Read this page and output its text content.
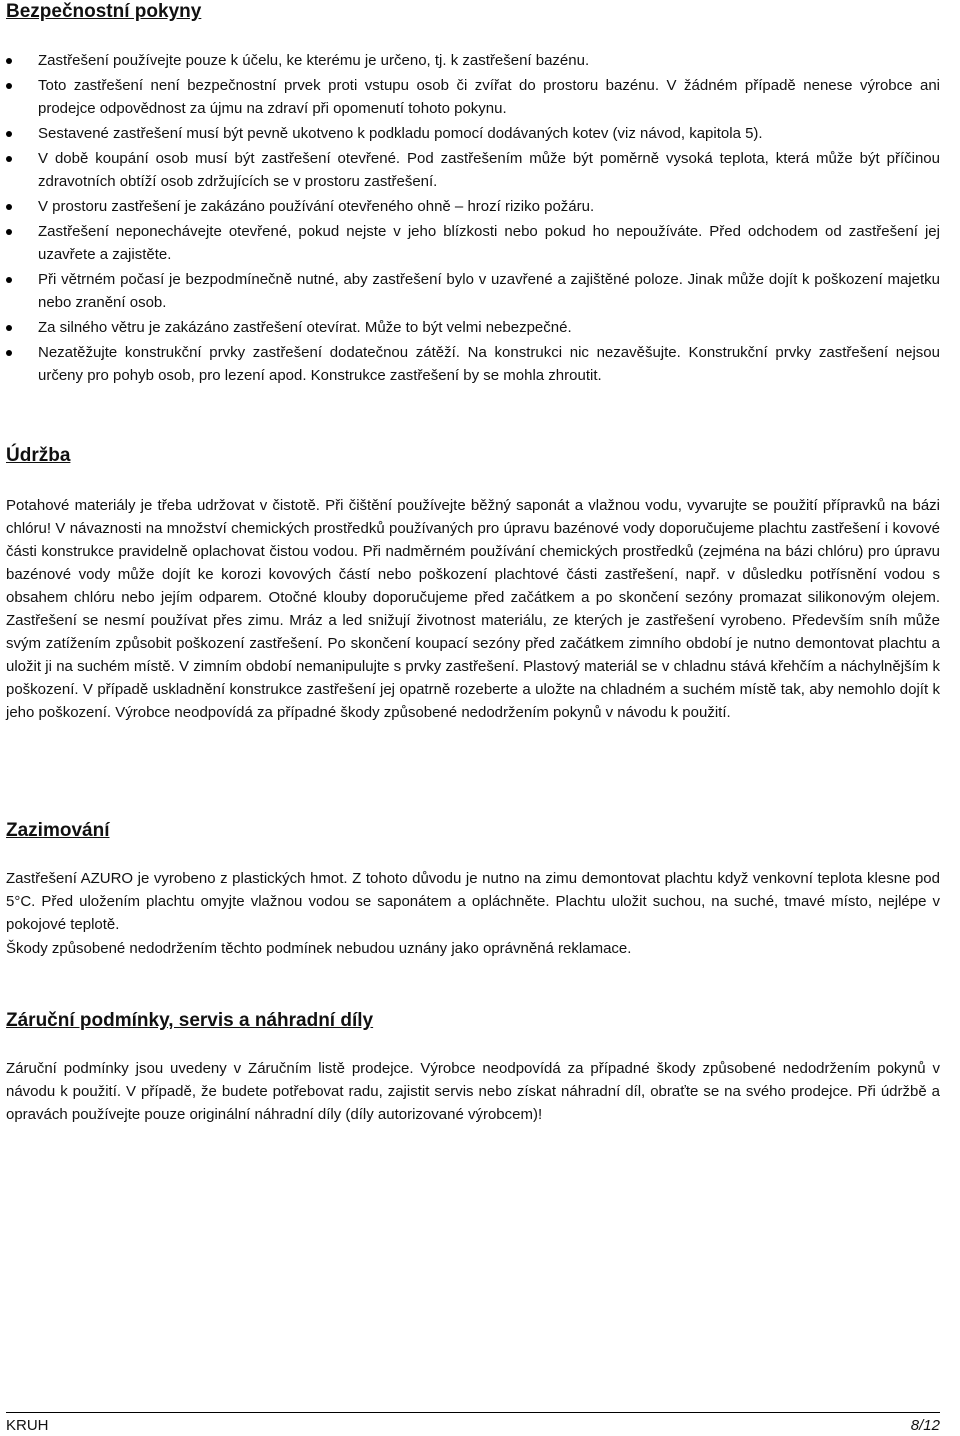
Bezpečnostní pokyny
Zastřešení používejte pouze k účelu, ke kterému je určeno, tj. k zastřešení bazénu.
Toto zastřešení není bezpečnostní prvek proti vstupu osob či zvířat do prostoru bazénu. V žádném případě nenese výrobce ani prodejce odpovědnost za újmu na zdraví při opomenutí tohoto pokynu.
Sestavené zastřešení musí být pevně ukotveno k podkladu pomocí dodávaných kotev (viz návod, kapitola 5).
V době koupání osob musí být zastřešení otevřené. Pod zastřešením může být poměrně vysoká teplota, která může být příčinou zdravotních obtíží osob zdržujících se v prostoru zastřešení.
V prostoru zastřešení je zakázáno používání otevřeného ohně – hrozí riziko požáru.
Zastřešení neponechávejte otevřené, pokud nejste v jeho blízkosti nebo pokud ho nepoužíváte. Před odchodem od zastřešení jej uzavřete a zajistěte.
Při větrném počasí je bezpodmínečně nutné, aby zastřešení bylo v uzavřené a zajištěné poloze. Jinak může dojít k poškození majetku nebo zranění osob.
Za silného větru je zakázáno zastřešení otevírat. Může to být velmi nebezpečné.
Nezatěžujte konstrukční prvky zastřešení dodatečnou zátěží. Na konstrukci nic nezavěšujte. Konstrukční prvky zastřešení nejsou určeny pro pohyb osob, pro lezení apod. Konstrukce zastřešení by se mohla zhroutit.
Údržba

Potahové materiály je třeba udržovat v čistotě. Při čištění používejte běžný saponát a vlažnou vodu, vyvarujte se použití přípravků na bázi chlóru! V návaznosti na množství chemických prostředků používaných pro úpravu bazénové vody doporučujeme plachtu zastřešení i kovové části konstrukce pravidelně oplachovat čistou vodou. Při nadměrném používání chemických prostředků (zejména na bázi chlóru) pro úpravu bazénové vody může dojít ke korozi kovových částí nebo poškození plachtové části zastřešení, např. v důsledku potřísnění vodou s obsahem chlóru nebo jejím odparem. Otočné klouby doporučujeme před začátkem a po skončení sezóny promazat silikonovým olejem. Zastřešení se nesmí používat přes zimu. Mráz a led snižují životnost materiálu, ze kterých je zastřešení vyrobeno. Především sníh může svým zatížením způsobit poškození zastřešení. Po skončení koupací sezóny před začátkem zimního období je nutno demontovat plachtu a uložit ji na suchém místě. V zimním období nemanipulujte s prvky zastřešení. Plastový materiál se v chladnu stává křehčím a náchylnějším k poškození. V případě uskladnění konstrukce zastřešení jej opatrně rozeberte a uložte na chladném a suchém místě tak, aby nemohlo dojít k jeho poškození. Výrobce neodpovídá za případné škody způsobené nedodržením pokynů v návodu k použití.

Zazimování

Zastřešení AZURO je vyrobeno z plastických hmot. Z tohoto důvodu je nutno na zimu demontovat plachtu když venkovní teplota klesne pod 5°C. Před uložením plachtu omyjte vlažnou vodou se saponátem a opláchněte. Plachtu uložit suchou, na suché, tmavé místo, nejlépe v pokojové teplotě.

Škody způsobené nedodržením těchto podmínek nebudou uznány jako oprávněná reklamace.

Záruční podmínky, servis a náhradní díly

Záruční podmínky jsou uvedeny v Záručním listě prodejce. Výrobce neodpovídá za případné škody způsobené nedodržením pokynů v návodu k použití. V případě, že budete potřebovat radu, zajistit servis nebo získat náhradní díl, obraťte se na svého prodejce. Při údržbě a opravách používejte pouze originální náhradní díly (díly autorizované výrobcem)!

KRUH	8/12
